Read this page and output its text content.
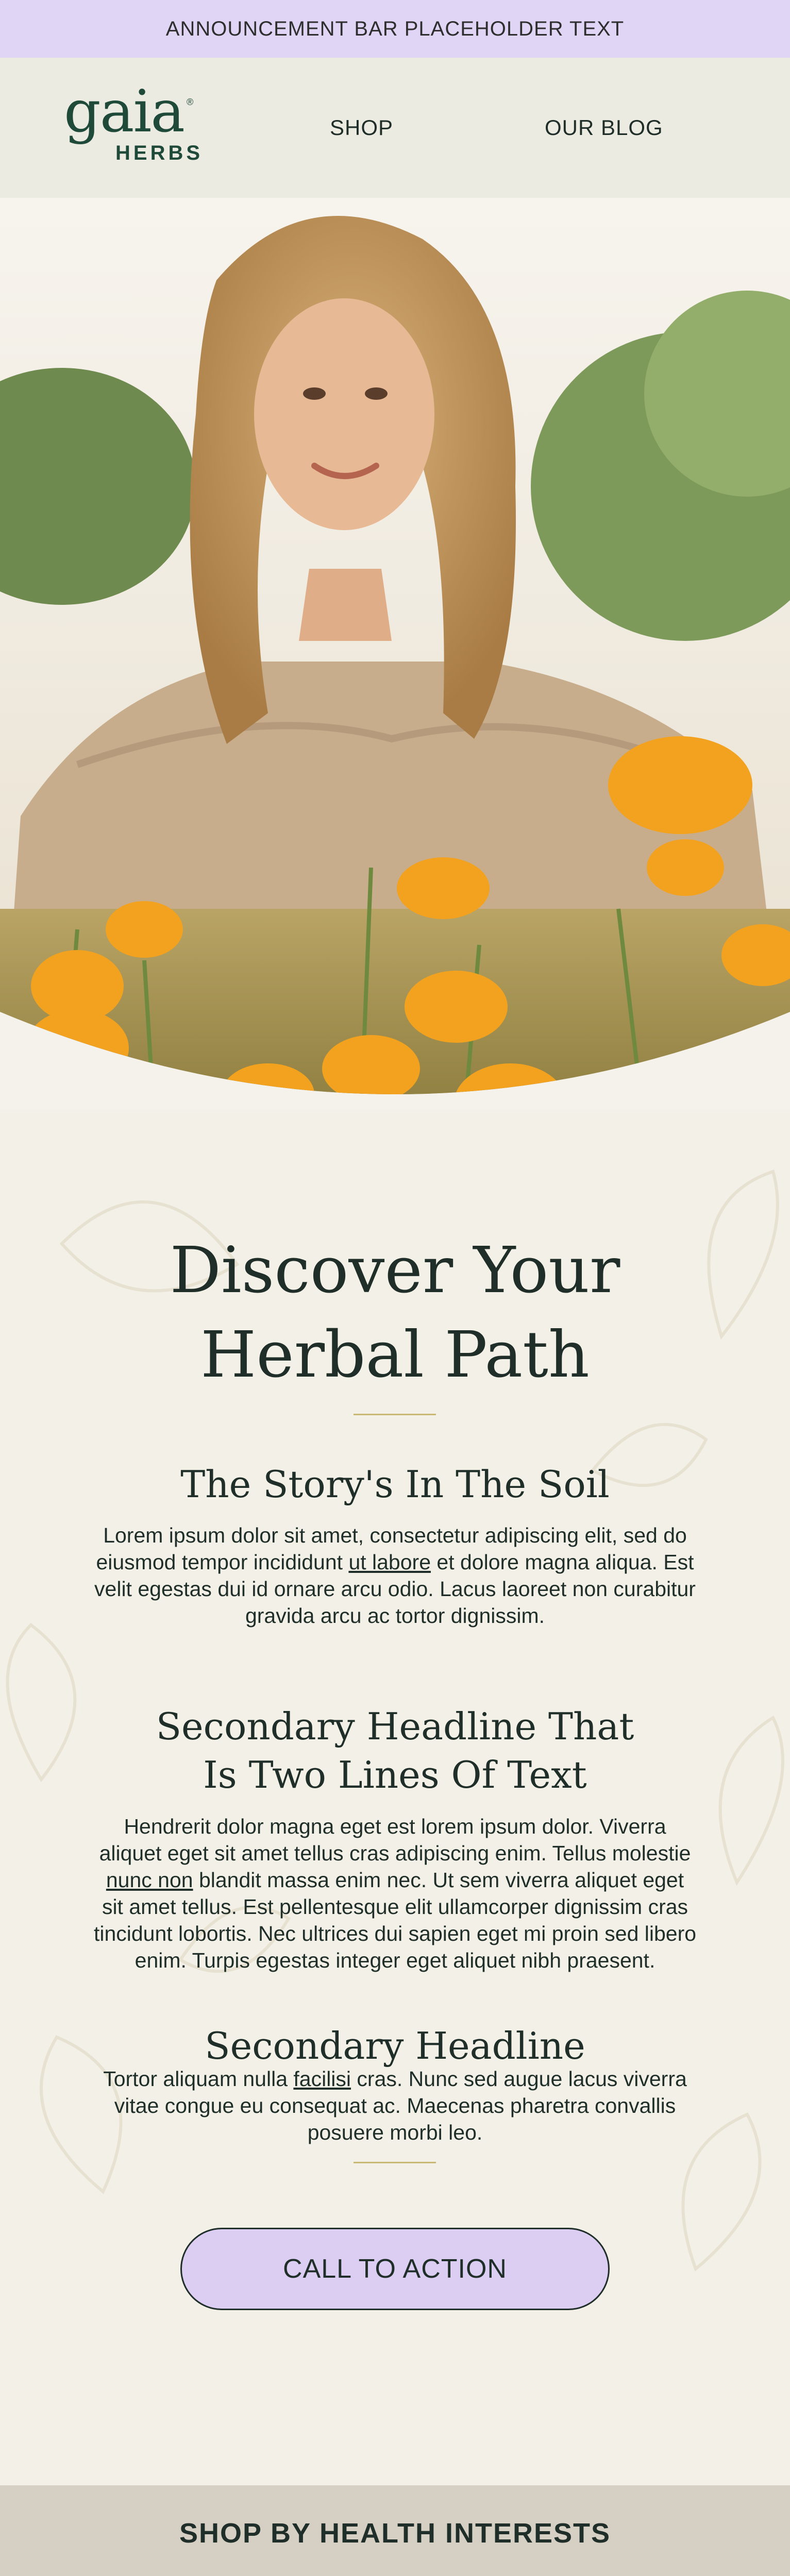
ANNOUNCEMENT BAR PLACEHOLDER TEXT
gaia ®
HERBS
SHOP	OUR BLOG
Discover Your
Herbal Path
The Story's In The Soil
Lorem ipsum dolor sit amet, consectetur adipiscing elit, sed do eiusmod tempor incididunt ut labore et dolore magna aliqua. Est velit egestas dui id ornare arcu odio. Lacus laoreet non curabitur gravida arcu ac tortor dignissim.
Secondary Headline That
Is Two Lines Of Text
Hendrerit dolor magna eget est lorem ipsum dolor. Viverra aliquet eget sit amet tellus cras adipiscing enim. Tellus molestie nunc non blandit massa enim nec. Ut sem viverra aliquet eget sit amet tellus. Est pellentesque elit ullamcorper dignissim cras tincidunt lobortis. Nec ultrices dui sapien eget mi proin sed libero enim. Turpis egestas integer eget aliquet nibh praesent.
Secondary Headline
Tortor aliquam nulla facilisi cras. Nunc sed augue lacus viverra vitae congue eu consequat ac. Maecenas pharetra convallis posuere morbi leo.
CALL TO ACTION
SHOP BY HEALTH INTERESTS
